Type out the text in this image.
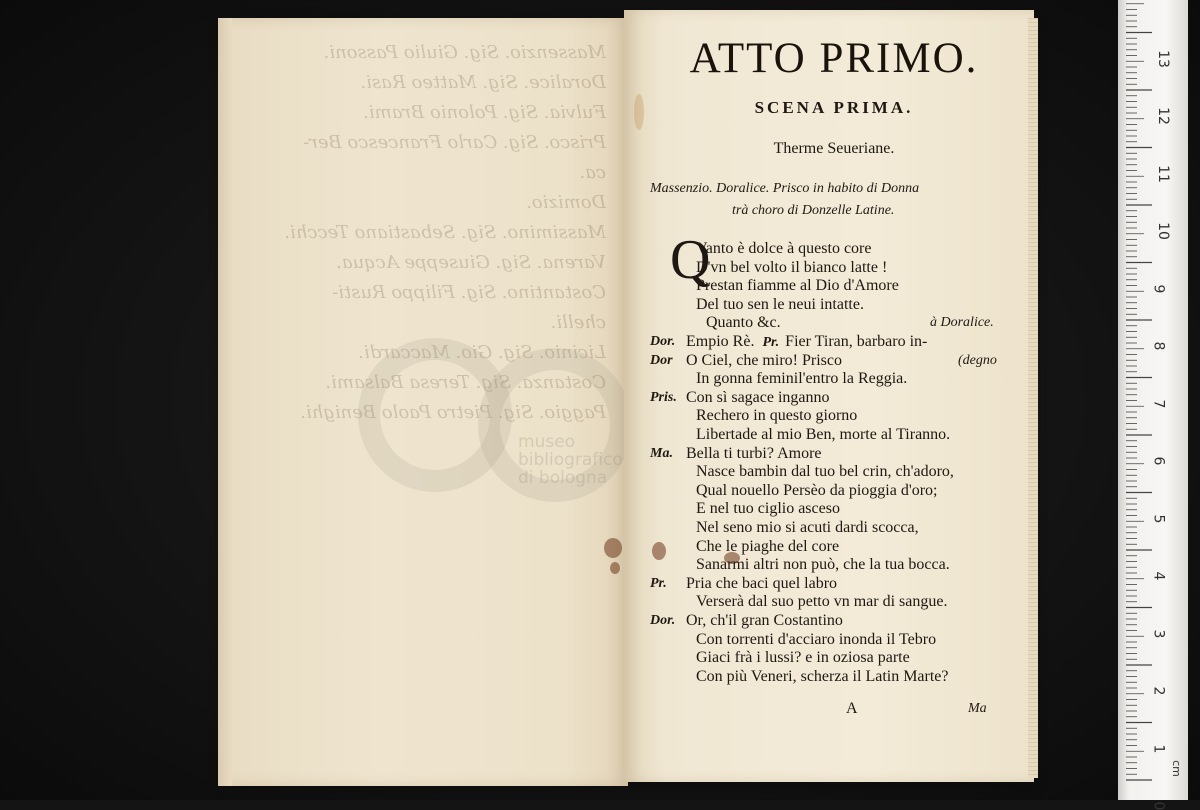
Massenzio. Sig. Giulio Passoni.
Doralice. Sig. Matteo Rasi.
Fulvia. Sig. Polonio Brami.
Prisco. Sig. Carlo Francesco Ber-
ca.
Domizio.
Massimino. Sig. Sebastiano Tecchi.
Varena. Sig. Giuseppe Acqua.
Costantino. Sig. Filippo Rusti-
chelli.
Licinio. Sig. Gio. Maccardi.
Costanza. Sig. Teresa Balsami.
Paggio. Sig. Pietro Paolo Benighi.
museo
bibliografico
di bologna
ATTO PRIMO.
SCENA PRIMA.
Therme Seueriane.
Massenzio. Doralice. Prisco in habito di Donna
trà choro di Donzelle Latine.
Q
Vanto è dolce à questo core
D'vn bel volto il bianco latte !
Prestan fiamme al Dio d'Amore
Del tuo sen le neui intatte.
Quanto &c.	à Doralice.
Dor. Empio Rè. Pr. Fier Tiran, barbaro in-
Dor O Ciel, che miro! Prisco	(degno
In gonna feminil'entro la Reggia.
Pris. Con sì sagace inganno
Rechero in questo giorno
Libertade al mio Ben, morte al Tiranno.
Ma. Bella ti turbi? Amore
Nasce bambin dal tuo bel crin, ch'adoro,
Qual nouello Persèo da pioggia d'oro;
E nel tuo ciglio asceso
Nel seno mio si acuti dardi scocca,
Che le piaghe del core
Sanarmi altri non può, che la tua bocca.
Pr. Pria che baci quel labro
Verserà dal suo petto vn mar di sangue.
Dor. Or, ch'il gran Costantino
Con torrenti d'acciaro inonda il Tebro
Giaci frà i lussi? e in oziosa parte
Con più Veneri, scherza il Latin Marte?
A	Ma
13
12
11
10
9
8
7
6
5
4
3
2
1
0
cm
